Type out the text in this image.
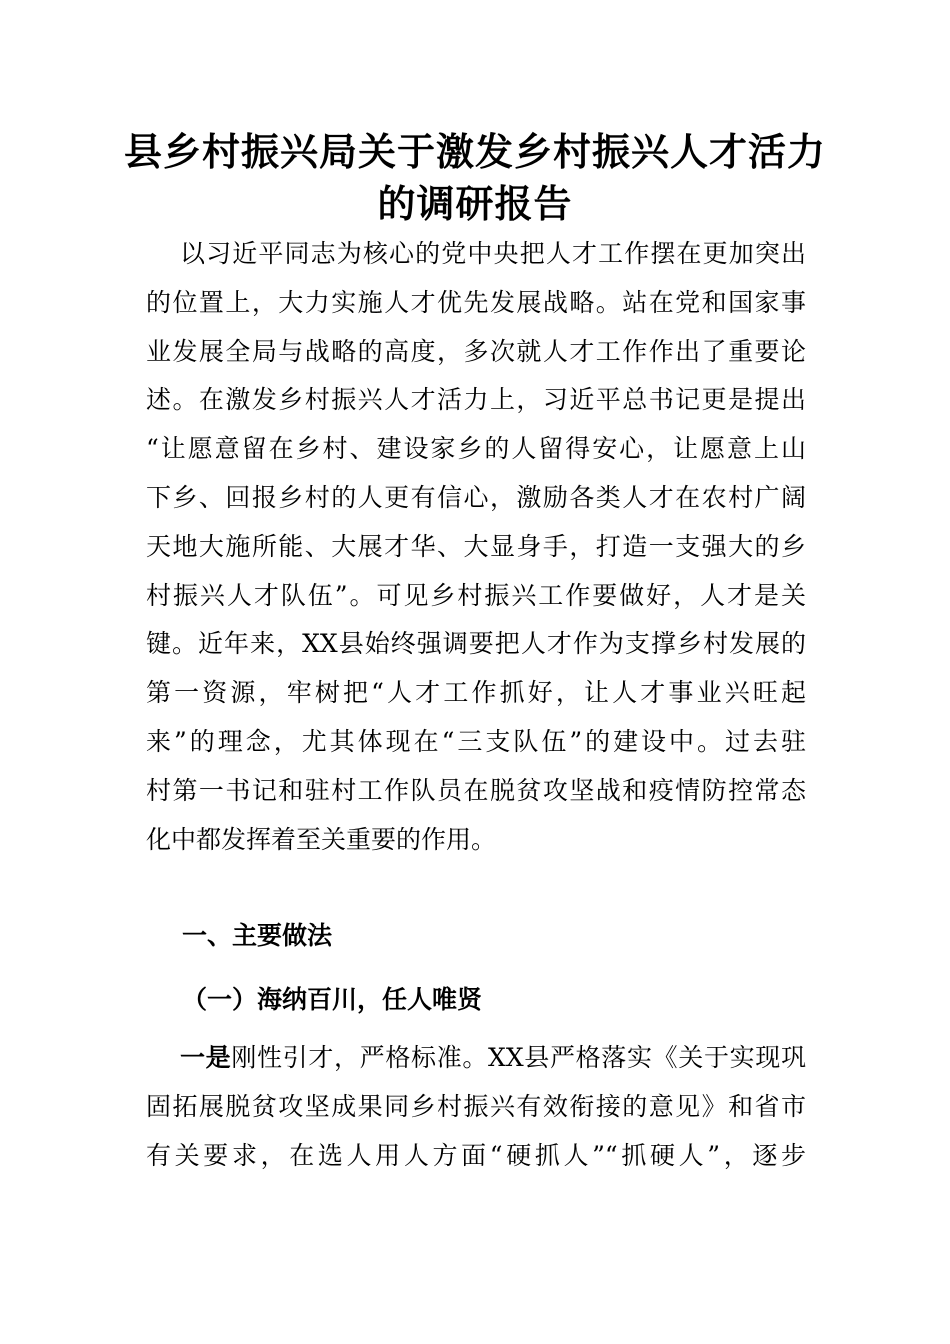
县乡村振兴局关于激发乡村振兴人才活力
的调研报告
以习近平同志为核心的党中央把人才工作摆在更加突出
的位置上，大力实施人才优先发展战略。站在党和国家事
业发展全局与战略的高度，多次就人才工作作出了重要论
述。在激发乡村振兴人才活力上，习近平总书记更是提出
“让愿意留在乡村、建设家乡的人留得安心，让愿意上山
下乡、回报乡村的人更有信心，激励各类人才在农村广阔
天地大施所能、大展才华、大显身手，打造一支强大的乡
村振兴人才队伍”。可见乡村振兴工作要做好，人才是关
键。近年来，XX县始终强调要把人才作为支撑乡村发展的
第一资源，牢树把“人才工作抓好，让人才事业兴旺起
来”的理念，尤其体现在“三支队伍”的建设中。过去驻
村第一书记和驻村工作队员在脱贫攻坚战和疫情防控常态
化中都发挥着至关重要的作用。
一、主要做法
（一）海纳百川，任人唯贤
一是刚性引才，严格标准。XX县严格落实《关于实现巩
固拓展脱贫攻坚成果同乡村振兴有效衔接的意见》和省市
有关要求，在选人用人方面“硬抓人”“抓硬人”，逐步
